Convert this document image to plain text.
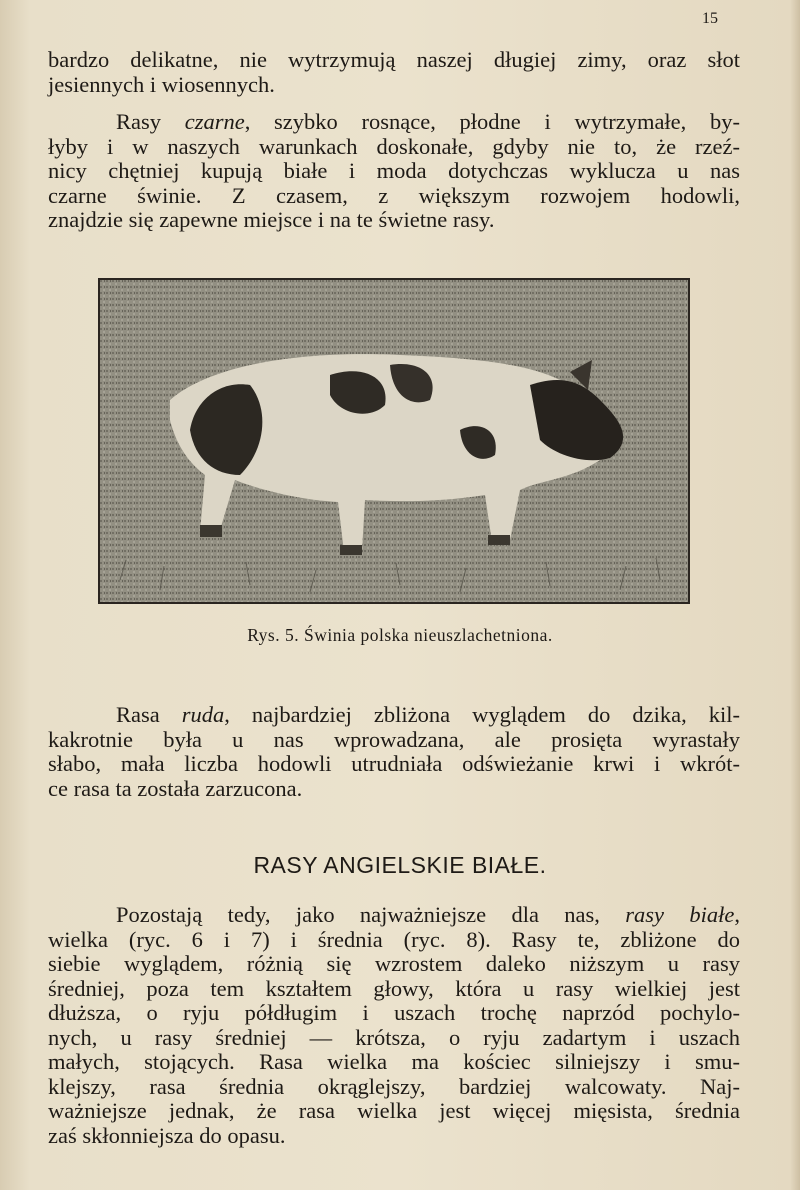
15
bardzo delikatne, nie wytrzymują naszej długiej zimy, oraz słot
jesiennych i wiosennych.
Rasy czarne, szybko rosnące, płodne i wytrzymałe, by-
łyby i w naszych warunkach doskonałe, gdyby nie to, że rzeź-
nicy chętniej kupują białe i moda dotychczas wyklucza u nas
czarne świnie. Z czasem, z większym rozwojem hodowli,
znajdzie się zapewne miejsce i na te świetne rasy.
Rys. 5. Świnia polska nieuszlachetniona.
Rasa ruda, najbardziej zbliżona wyglądem do dzika, kil-
kakrotnie była u nas wprowadzana, ale prosięta wyrastały
słabo, mała liczba hodowli utrudniała odświeżanie krwi i wkrót-
ce rasa ta została zarzucona.
RASY ANGIELSKIE BIAŁE.
Pozostają tedy, jako najważniejsze dla nas, rasy białe,
wielka (ryc. 6 i 7) i średnia (ryc. 8). Rasy te, zbliżone do
siebie wyglądem, różnią się wzrostem daleko niższym u rasy
średniej, poza tem kształtem głowy, która u rasy wielkiej jest
dłuższa, o ryju półdługim i uszach trochę naprzód pochylo-
nych, u rasy średniej — krótsza, o ryju zadartym i uszach
małych, stojących. Rasa wielka ma kościec silniejszy i smu-
klejszy, rasa średnia okrąglejszy, bardziej walcowaty. Naj-
ważniejsze jednak, że rasa wielka jest więcej mięsista, średnia
zaś skłonniejsza do opasu.
